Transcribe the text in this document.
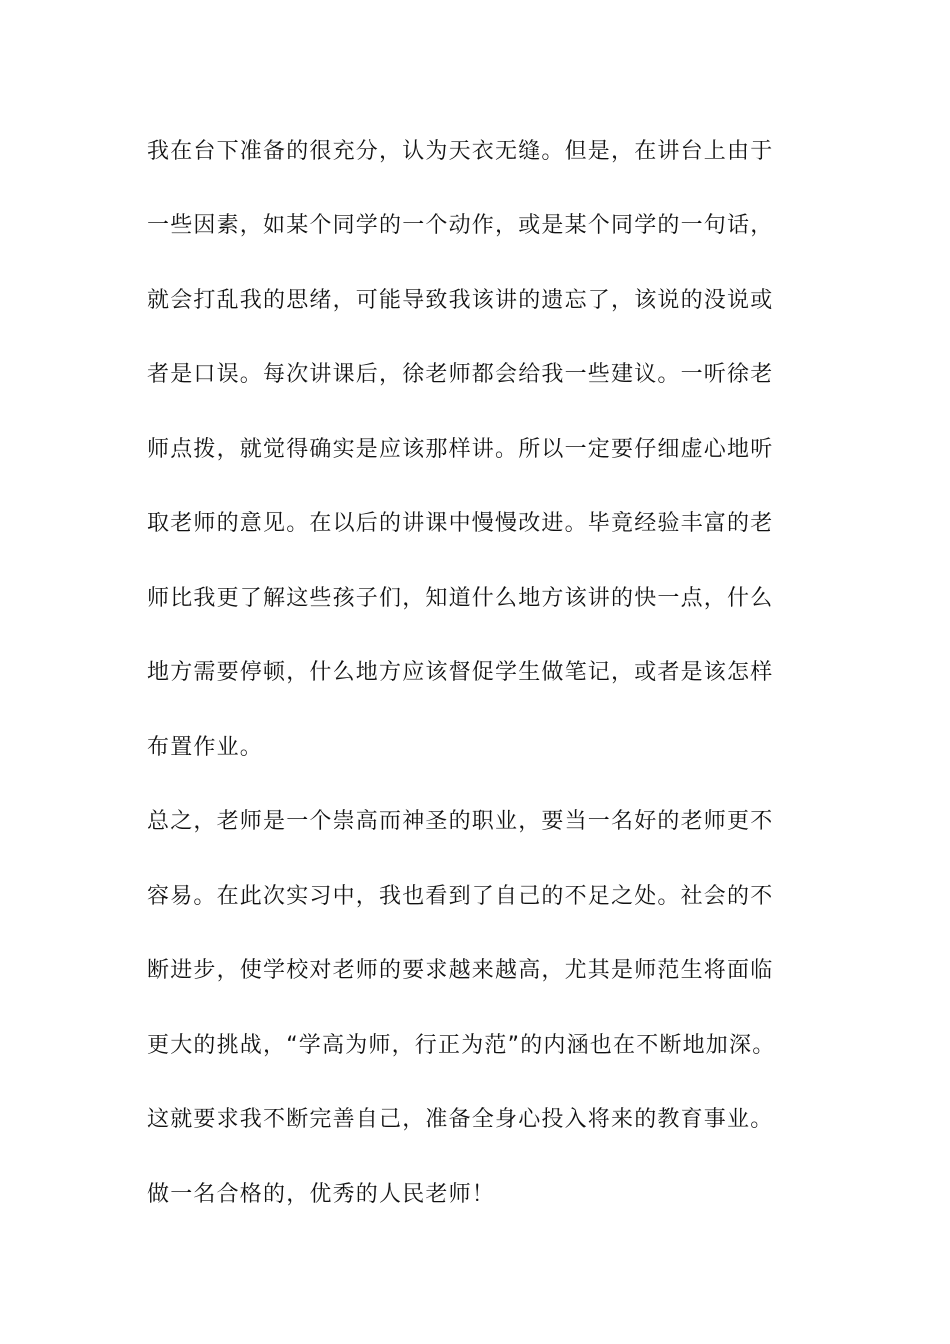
我在台下准备的很充分，认为天衣无缝。但是，在讲台上由于
一些因素，如某个同学的一个动作，或是某个同学的一句话，
就会打乱我的思绪，可能导致我该讲的遗忘了，该说的没说或
者是口误。每次讲课后，徐老师都会给我一些建议。一听徐老
师点拨，就觉得确实是应该那样讲。所以一定要仔细虚心地听
取老师的意见。在以后的讲课中慢慢改进。毕竟经验丰富的老
师比我更了解这些孩子们，知道什么地方该讲的快一点，什么
地方需要停顿，什么地方应该督促学生做笔记，或者是该怎样
布置作业。
总之，老师是一个崇高而神圣的职业，要当一名好的老师更不
容易。在此次实习中，我也看到了自己的不足之处。社会的不
断进步，使学校对老师的要求越来越高，尤其是师范生将面临
更大的挑战，“学高为师，行正为范”的内涵也在不断地加深。
这就要求我不断完善自己，准备全身心投入将来的教育事业。
做一名合格的，优秀的人民老师！
